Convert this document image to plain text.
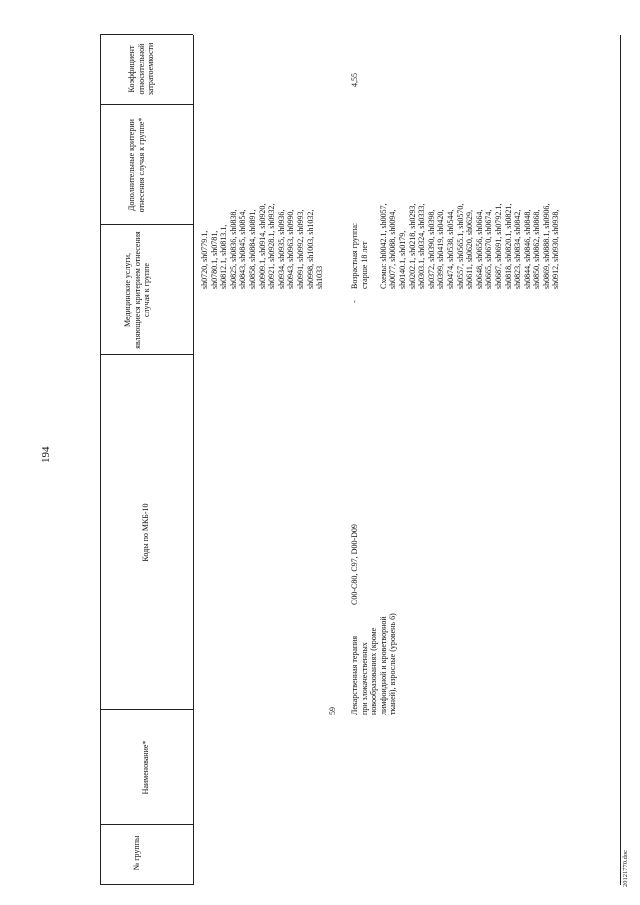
194
№ группы
Наименование*
Коды по МКБ-10
Медицинские услуги, являющиеся критерием отнесения случая к группе
Дополнительные критерии отнесения случая к группе*
Коэффициент относительной затратоемкости
sh0720, sh0779.1, sh0780.1, sh0781, sh0812.1, sh0813.1, sh0825, sh0836, sh0838, sh0843, sh0845, sh0854, sh0858, sh0884, sh0891, sh0909.1, sh0914, sh0920, sh0921, sh0928.1, sh0932, sh0934, sh0935, sh0936, sh0943, sh0963, sh0990, sh0991, sh0992, sh0993, sh0998, sh1003, sh1032, sh1033
59 Лекарственная терапия при злокачественных новообразованиях (кроме лимфоидной и кроветворной тканей), взрослые (уровень 6)
C00-C80, C97, D00-D09
-
Возрастная группа: старше 18 лет Схемы: sh0042.1, sh0057, sh0077, sh0088, sh0094, sh0140.1, sh0179, sh0202.1, sh0218, sh0293, sh0303.1, sh0324, sh0333, sh0372, sh0390, sh0398, sh0399, sh0419, sh0420, sh0474, sh0538, sh0544, sh0557, sh0565.1, sh0570, sh0611, sh0620, sh0629, sh0648, sh0656, sh0664, sh0665, sh0670, sh0674, sh0687, sh0691, sh0792.1, sh0818, sh0820.1, sh0821, sh0823, sh0834, sh0842, sh0844, sh0846, sh0848, sh0850, sh0862, sh0868, sh0869, sh0888.1, sh0906, sh0912, sh0930, sh0938,
4,55
20121770.doc
